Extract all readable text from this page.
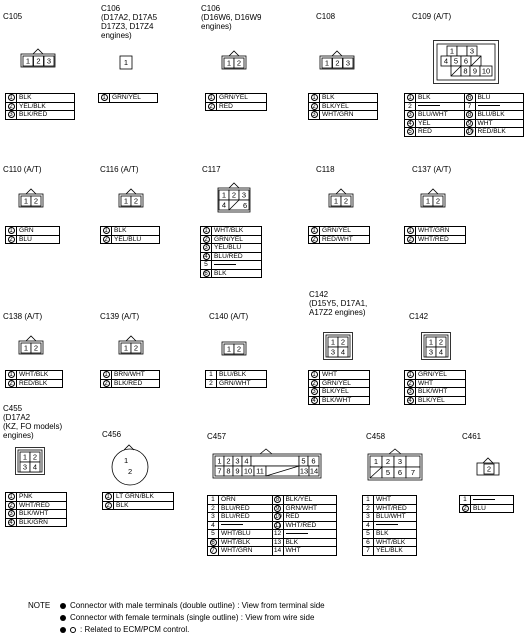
C105
1 2 3
1	BLK
2	YEL/BLK
3	BLK/RED
C106
(D17A2, D17A5
D17Z3, D17Z4
engines)
1
1	GRN/YEL
C106
(D16W6, D16W9
engines)
1 2
1	GRN/YEL
2	RED
C108
1 2 3
1	BLK
2	BLK/YEL
3	WHT/GRN
C109 (A/T)
1 3
4 5 6
8 9 10
1	BLK	6	BLU
2		7	
3	BLU/WHT	8	BLU/BLK
4	YEL	9	WHT
5	RED	10	RED/BLK
C110 (A/T)
1 2
1	GRN
2	BLU
C116 (A/T)
1 2
1	BLK
2	YEL/BLU
C117
1 2 3
4 6
1	WHT/BLK
2	GRN/YEL
3	YEL/BLU
4	BLU/RED
5	
6	BLK
C118
1 2
1	GRN/YEL
2	RED/WHT
C137 (A/T)
1 2
1	WHT/GRN
2	WHT/RED
C138 (A/T)
1 2
1	WHT/BLK
2	RED/BLK
C139 (A/T)
1 2
1	BRN/WHT
2	BLK/RED
C140 (A/T)
1 2
1	BLU/BLK
2	GRN/WHT
C142
(D15Y5, D17A1,
A17Z2 engines)
1 2
3 4
1	WHT
2	GRN/YEL
3	BLK/YEL
4	BLK/WHT
C142
1 2
3 4
1	GRN/YEL
2	WHT
3	BLK/WHT
4	BLK/YEL
C455
(D17A2
(KZ, FO models)
engines)
1 2
3 4
1	PNK
2	WHT/RED
3	BLK/WHT
4	BLK/GRN
C456
1
2
1	LT GRN/BLK
2	BLK
C457
1 2 3 4	5 6
7 8 9 10 11	13 14
1	ORN	8	BLK/YEL
2	BLU/RED	9	GRN/WHT
3	BLU/RED	10	RED
4		11	WHT/RED
5	WHT/BLU	12	
6	WHT/BLK	13	BLK
7	WHT/GRN	14	WHT
C458
1 2 3
5 6 7
1	WHT
2	WHT/RED
3	BLU/WHT
4	
5	BLK
6	WHT/BLK
7	YEL/BLK
C461
2
1	
2	BLU
NOTE	Connector with male terminals (double outline) : View from terminal side
Connector with female terminals (single outline) : View from wire side
: Related to ECM/PCM control.
